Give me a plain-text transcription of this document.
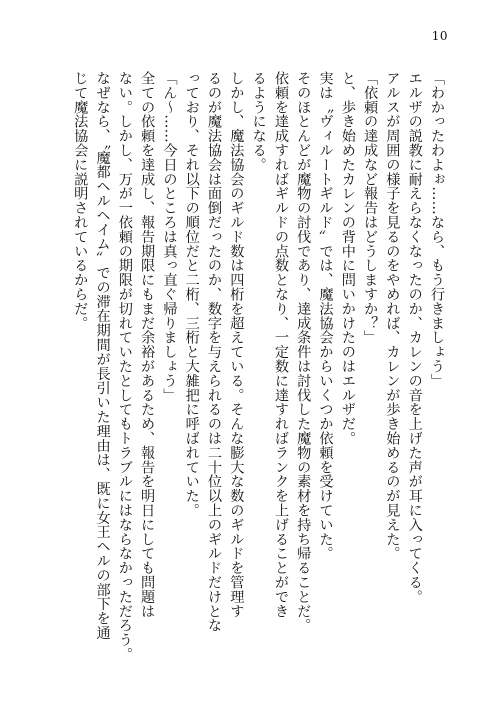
10
「わかったわよぉ……なら、もう行きましょう」
エルザの説教に耐えらなくなったのか、カレンの音を上げた声が耳に入ってくる。
アルスが周囲の様子を見るのをやめれば、カレンが歩き始めるのが見えた。
「依頼の達成など報告はどうしますか？」
と、歩き始めたカレンの背中に問いかけたのはエルザだ。
実は〝ヴィルートギルド〟では、魔法協会からいくつか依頼を受けていた。
そのほとんどが魔物の討伐であり、達成条件は討伐した魔物の素材を持ち帰ることだ。
依頼を達成すればギルドの点数となり、一定数に達すればランクを上げることができ
るようになる。
しかし、魔法協会のギルド数は四桁を超えている。そんな膨大な数のギルドを管理す
るのが魔法協会は面倒だったのか、数字を与えられるのは二十位以上のギルドだけとな
っており、それ以下の順位だと二桁、三桁と大雑把に呼ばれていた。
「ん～……今日のところは真っ直ぐ帰りましょう」
全ての依頼を達成し、報告期限にもまだ余裕があるため、報告を明日にしても問題は
ない。しかし、万が一依頼の期限が切れていたとしてもトラブルにはならなかっただろう。
なぜなら、〝魔都ヘルヘイム〟での滞在期間が長引いた理由は、既に女王ヘルの部下を通
じて魔法協会に説明されているからだ。
